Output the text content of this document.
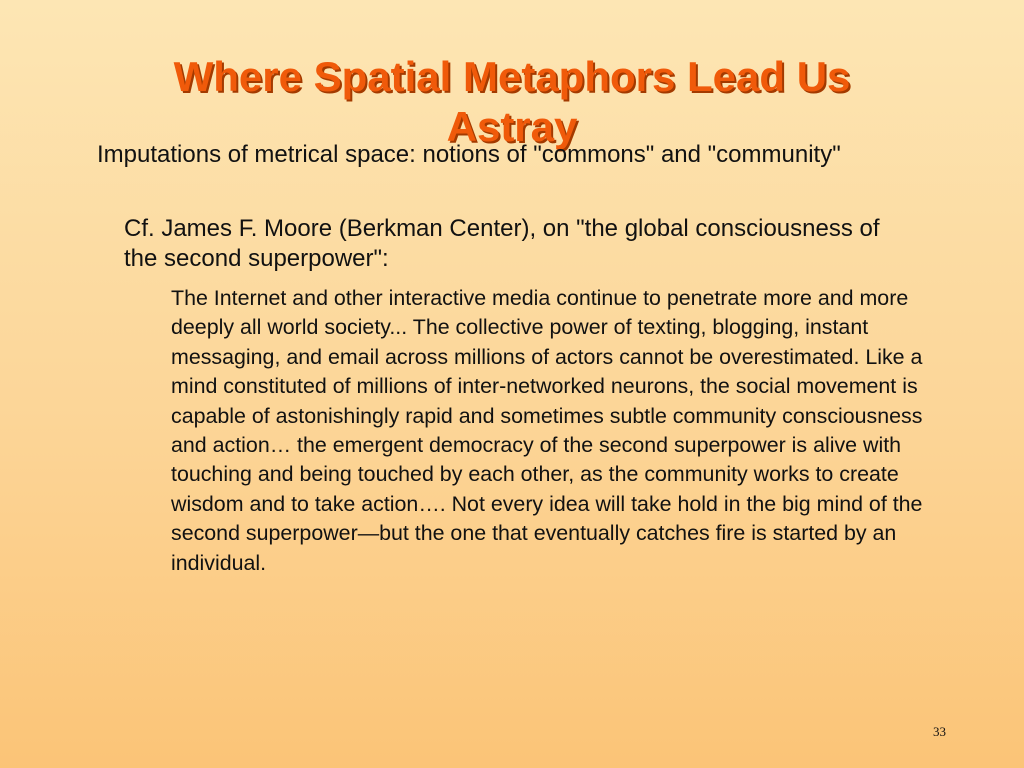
Where Spatial Metaphors Lead Us
Astray

Imputations of metrical space: notions of "commons" and "community"

Cf. James F. Moore (Berkman Center), on "the global consciousness of the second superpower":

The Internet and other interactive media continue to penetrate more and more deeply all world society... The collective power of texting, blogging, instant messaging, and email across millions of actors cannot be overestimated. Like a mind constituted of millions of inter-networked neurons, the social movement is capable of astonishingly rapid and sometimes subtle community consciousness and action… the emergent democracy of the second superpower is alive with touching and being touched by each other, as the community works to create wisdom and to take action…. Not every idea will take hold in the big mind of the second superpower—but the one that eventually catches fire is started by an individual.

33
